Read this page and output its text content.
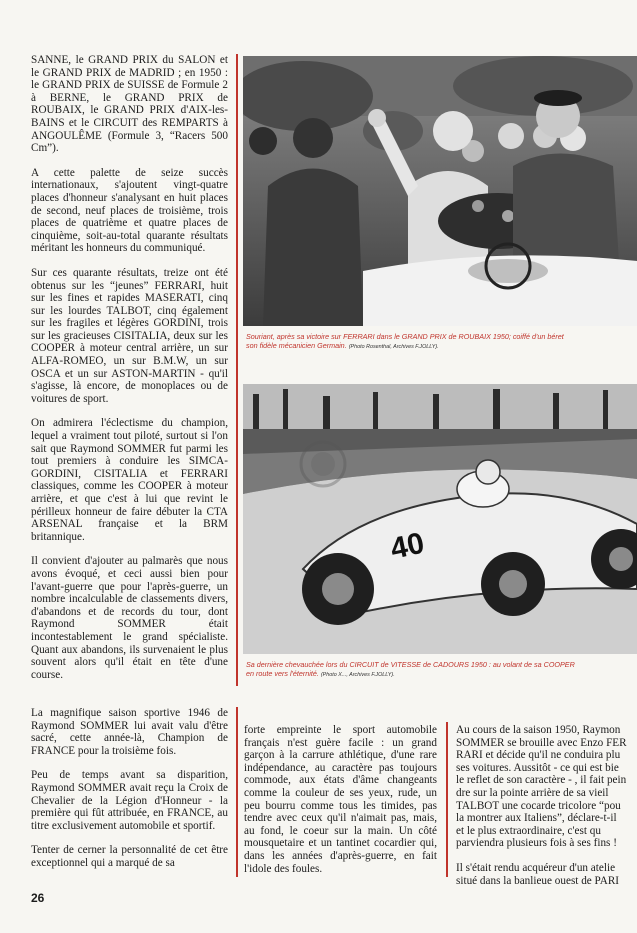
SANNE, le GRAND PRIX du SALON et le GRAND PRIX de MADRID ; en 1950 : le GRAND PRIX de SUISSE de Formule 2 à BERNE, le GRAND PRIX de ROUBAIX, le GRAND PRIX d'AIX-les-BAINS et le CIRCUIT des REMPARTS à ANGOULÊME (Formule 3, “Racers 500 Cm”).

A cette palette de seize succès internationaux, s'ajoutent vingt-quatre places d'honneur s'analysant en huit places de second, neuf places de troisième, trois places de quatrième et quatre places de cinquième, soit-au-total quarante résultats méritant les honneurs du communiqué.

Sur ces quarante résultats, treize ont été obtenus sur les “jeunes” FERRARI, huit sur les fines et rapides MASERATI, cinq sur les lourdes TALBOT, cinq également sur les fragiles et légères GORDINI, trois sur les gracieuses CISITALIA, deux sur les COOPER à moteur central arrière, un sur ALFA-ROMEO, un sur B.M.W, un sur OSCA et un sur ASTON-MARTIN - qu'il s'agisse, là encore, de monoplaces ou de voitures de sport.

On admirera l'éclectisme du champion, lequel a vraiment tout piloté, surtout si l'on sait que Raymond SOMMER fut parmi les tout premiers à conduire les SIMCA-GORDINI, CISITALIA et FERRARI classiques, comme les COOPER à moteur arrière, et que c'est à lui que revint le périlleux honneur de faire débuter la CTA ARSENAL française et la BRM britannique.

Il convient d'ajouter au palmarès que nous avons évoqué, et ceci aussi bien pour l'avant-guerre que pour l'après-guerre, un nombre incalculable de classements divers, d'abandons et de records du tour, dont Raymond SOMMER était incontestablement le grand spécialiste. Quant aux abandons, ils survenaient le plus souvent alors qu'il était en tête d'une course.

Souriant, après sa victoire sur FERRARI dans le GRAND PRIX de ROUBAIX 1950; coiffé d'un béret
son fidèle mécanicien Germain. (Photo Rosenthal, Archives F.JOLLY).
40
Sa dernière chevauchée lors du CIRCUIT de VITESSE de CADOURS 1950 : au volant de sa COOPER
en route vers l'éternité. (Photo X..., Archives F.JOLLY).

La magnifique saison sportive 1946 de Raymond SOMMER lui avait valu d'être sacré, cette année-là, Champion de FRANCE pour la troisième fois.

Peu de temps avant sa disparition, Raymond SOMMER avait reçu la Croix de Chevalier de la Légion d'Honneur - la première qui fût attribuée, en FRANCE, au titre exclusivement automobile et sportif.

Tenter de cerner la personnalité de cet être exceptionnel qui a marqué de sa

forte empreinte le sport automobile français n'est guère facile : un grand garçon à la carrure athlétique, d'une rare indépendance, au caractère pas toujours commode, aux états d'âme changeants comme la couleur de ses yeux, rude, un peu bourru comme tous les timides, pas tendre avec ceux qu'il n'aimait pas, mais, au fond, le coeur sur la main. Un côté mousquetaire et un tantinet cocardier qui, dans les années d'après-guerre, en fait l'idole des foules.

Au cours de la saison 1950, Raymon
SOMMER se brouille avec Enzo FER
RARI et décide qu'il ne conduira plu
ses voitures. Aussitôt - ce qui est bie
le reflet de son caractère - , il fait pein
dre sur la pointe arrière de sa vieil
TALBOT une cocarde tricolore “pou
la montrer aux Italiens”, déclare-t-il
et le plus extraordinaire, c'est qu
parviendra plusieurs fois à ses fins !

Il s'était rendu acquéreur d'un atelie
situé dans la banlieue ouest de PARI

26
